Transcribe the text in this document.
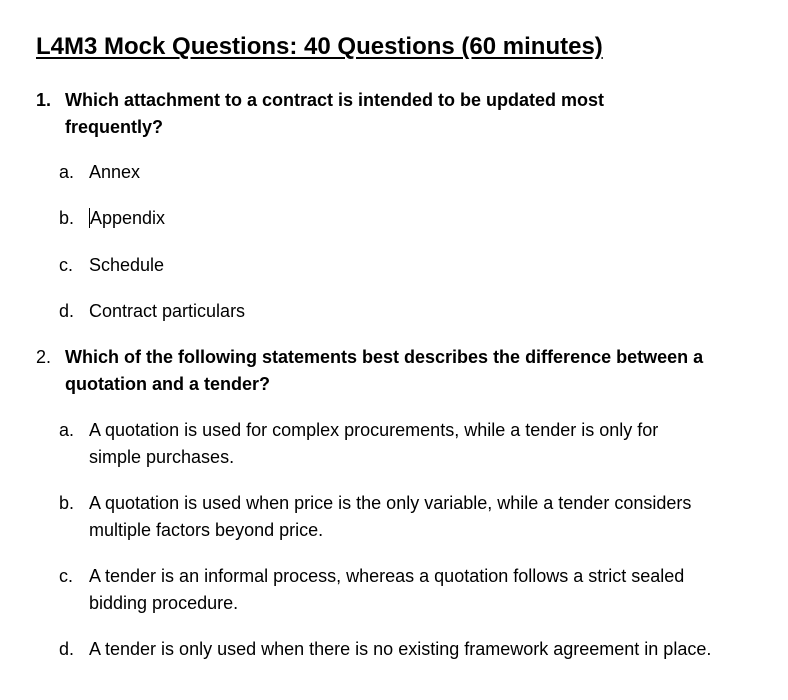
L4M3 Mock Questions: 40 Questions (60 minutes)
1. Which attachment to a contract is intended to be updated most frequently?
a. Annex
b. Appendix
c. Schedule
d. Contract particulars
2. Which of the following statements best describes the difference between a quotation and a tender?
a. A quotation is used for complex procurements, while a tender is only for simple purchases.
b. A quotation is used when price is the only variable, while a tender considers multiple factors beyond price.
c. A tender is an informal process, whereas a quotation follows a strict sealed bidding procedure.
d. A tender is only used when there is no existing framework agreement in place.
